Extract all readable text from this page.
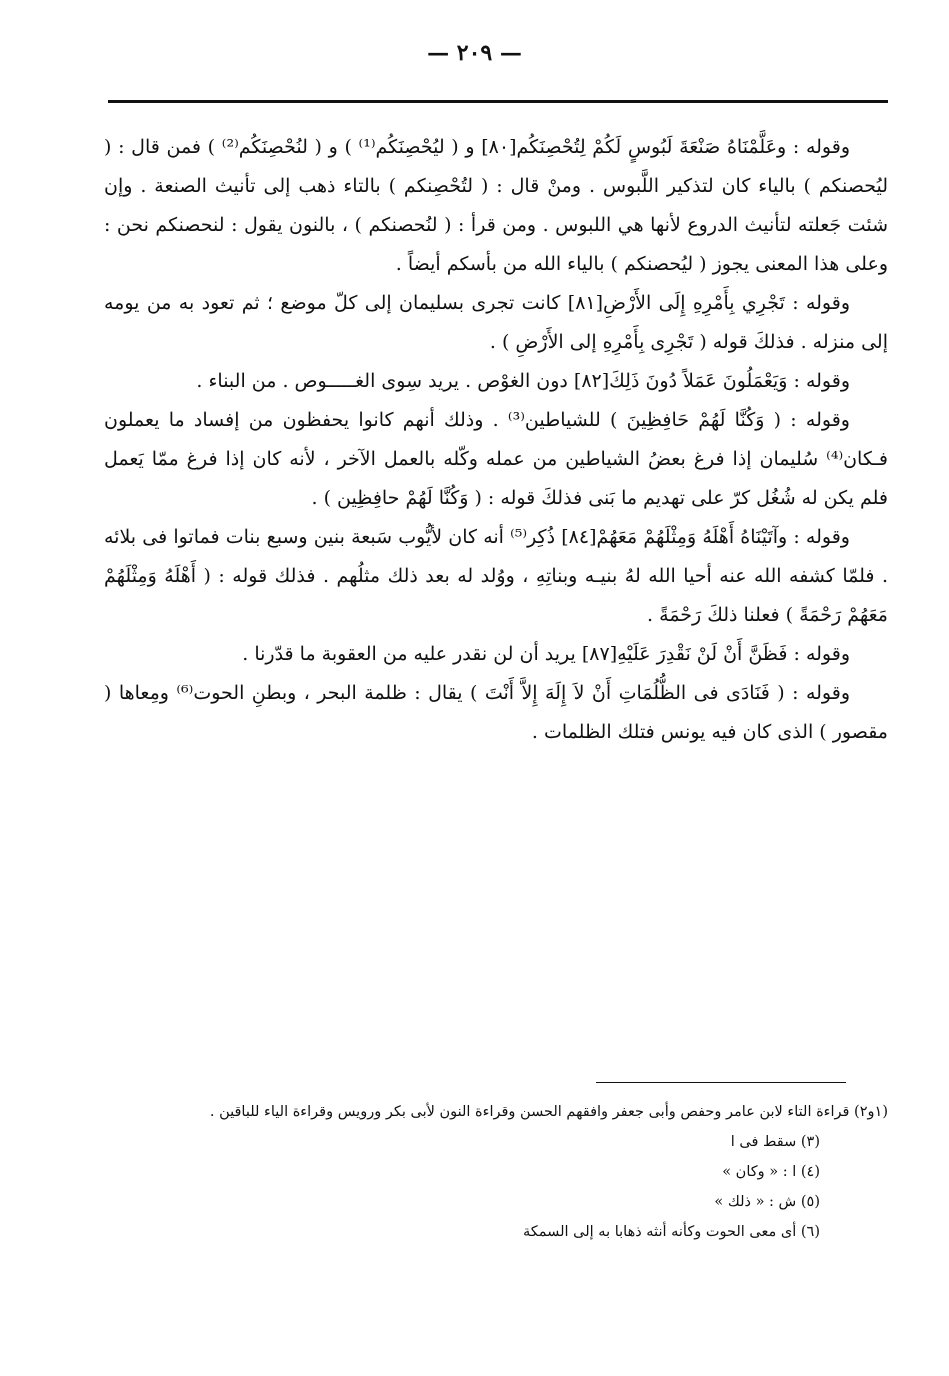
— ٢٠٩ —

وقوله : وعَلَّمْنَاهُ صَنْعَةَ لَبُوسٍ لَكُمْ لِتُحْصِنَكُم[٨٠] و ( ليُحْصِنَكُم⁽¹⁾ ) و ( لنُحْصِنَكُم⁽²⁾ ) فمن قال : ( ليُحصنكم ) بالياء كان لتذكير اللَّبوس . ومنْ قال : ( لتُحْصِنكم ) بالتاء ذهب إلى تأنيث الصنعة . وإن شئت جَعلته لتأنيث الدروع لأنها هي اللبوس . ومن قرأ : ( لنُحصنكم ) ، بالنون يقول : لنحصنكم نحن : وعلى هذا المعنى يجوز ( ليُحصنكم ) بالياء الله من بأسكم أيضاً .

وقوله : تَجْرِي بِأَمْرِهِ إِلَى الأَرْضِ[٨١] كانت تجرى بسليمان إلى كلّ موضع ؛ ثم تعود به من يومه إلى منزله . فذلكَ قوله ( تَجْرِى بِأَمْرِهِ إلى الأَرْضِ ) .

وقوله : وَيَعْمَلُونَ عَمَلاً دُونَ ذَلِكَ[٨٢] دون الغوْص . يريد سِوى الغـــــوص . من البناء .

وقوله : ( وَكُنَّا لَهُمْ حَافِظِينَ ) للشياطين⁽³⁾ . وذلك أنهم كانوا يحفظون من إفساد ما يعملون فـكان⁽⁴⁾ سُليمان إذا فرغ بعضُ الشياطين من عمله وكّله بالعمل الآخر ، لأنه كان إذا فرغ ممّا يَعمل فلم يكن له شُغُل كرّ على تهديم ما بَنى فذلكَ قوله : ( وَكُنَّا لَهُمْ حافِظِين ) .

وقوله : وآتَيْنَاهُ أَهْلَهُ وَمِثْلَهُمْ مَعَهُمْ[٨٤] ذُكِر⁽⁵⁾ أنه كان لأيُّوب سَبعة بنين وسبع بنات فماتوا فى بلائه . فلمّا كشفه الله عنه أحيا الله لهُ بنيـه وبناتِهِ ، ووُلد له بعد ذلك مثلُهم . فذلك قوله : ( أَهْلَهُ وَمِثْلَهُمْ مَعَهُمْ رَحْمَةً ) فعلنا ذلكَ رَحْمَةً .

وقوله : فَظَنَّ أَنْ لَنْ نَقْدِرَ عَلَيْهِ[٨٧] يريد أن لن نقدر عليه من العقوبة ما قدّرنا .

وقوله : ( فَنَادَى فى الظُّلُمَاتِ أَنْ لاَ إِلَهَ إِلاَّ أَنْتَ ) يقال : ظلمة البحر ، وبطنِ الحوت⁽⁶⁾ ومِعاها ( مقصور ) الذى كان فيه يونس فتلك الظلمات .

(١و٢) قراءة التاء لابن عامر وحفص وأبى جعفر وافقهم الحسن وقراءة النون لأبى بكر ورويس وقراءة الياء للباقين .

(٣) سقط فى ا

(٤) ا : « وكان »

(٥) ش : « ذلك »

(٦) أى معى الحوت وكأنه أنثه ذهابا به إلى السمكة
